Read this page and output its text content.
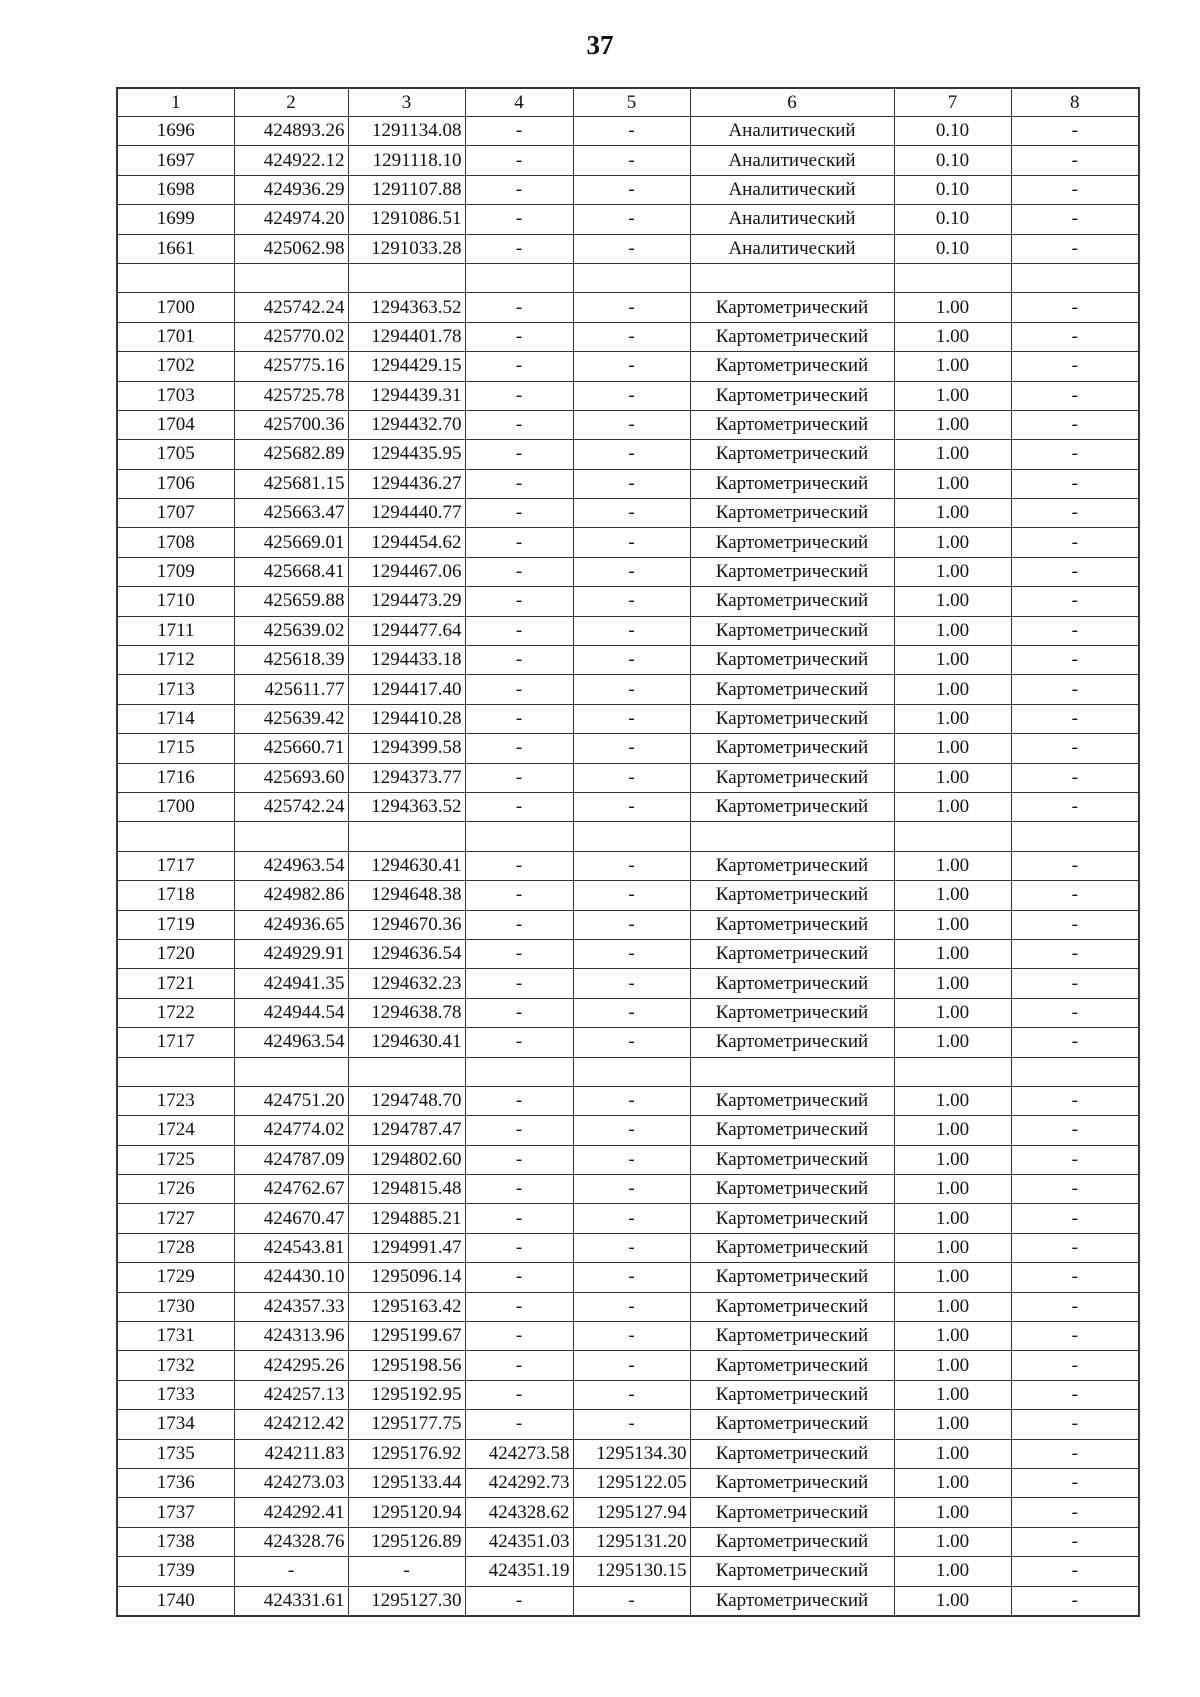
37
1	2	3	4	5	6	7	8
1696	424893.26	1291134.08	-	-	Аналитический	0.10	-
1697	424922.12	1291118.10	-	-	Аналитический	0.10	-
1698	424936.29	1291107.88	-	-	Аналитический	0.10	-
1699	424974.20	1291086.51	-	-	Аналитический	0.10	-
1661	425062.98	1291033.28	-	-	Аналитический	0.10	-

1700	425742.24	1294363.52	-	-	Картометрический	1.00	-
1701	425770.02	1294401.78	-	-	Картометрический	1.00	-
1702	425775.16	1294429.15	-	-	Картометрический	1.00	-
1703	425725.78	1294439.31	-	-	Картометрический	1.00	-
1704	425700.36	1294432.70	-	-	Картометрический	1.00	-
1705	425682.89	1294435.95	-	-	Картометрический	1.00	-
1706	425681.15	1294436.27	-	-	Картометрический	1.00	-
1707	425663.47	1294440.77	-	-	Картометрический	1.00	-
1708	425669.01	1294454.62	-	-	Картометрический	1.00	-
1709	425668.41	1294467.06	-	-	Картометрический	1.00	-
1710	425659.88	1294473.29	-	-	Картометрический	1.00	-
1711	425639.02	1294477.64	-	-	Картометрический	1.00	-
1712	425618.39	1294433.18	-	-	Картометрический	1.00	-
1713	425611.77	1294417.40	-	-	Картометрический	1.00	-
1714	425639.42	1294410.28	-	-	Картометрический	1.00	-
1715	425660.71	1294399.58	-	-	Картометрический	1.00	-
1716	425693.60	1294373.77	-	-	Картометрический	1.00	-
1700	425742.24	1294363.52	-	-	Картометрический	1.00	-

1717	424963.54	1294630.41	-	-	Картометрический	1.00	-
1718	424982.86	1294648.38	-	-	Картометрический	1.00	-
1719	424936.65	1294670.36	-	-	Картометрический	1.00	-
1720	424929.91	1294636.54	-	-	Картометрический	1.00	-
1721	424941.35	1294632.23	-	-	Картометрический	1.00	-
1722	424944.54	1294638.78	-	-	Картометрический	1.00	-
1717	424963.54	1294630.41	-	-	Картометрический	1.00	-

1723	424751.20	1294748.70	-	-	Картометрический	1.00	-
1724	424774.02	1294787.47	-	-	Картометрический	1.00	-
1725	424787.09	1294802.60	-	-	Картометрический	1.00	-
1726	424762.67	1294815.48	-	-	Картометрический	1.00	-
1727	424670.47	1294885.21	-	-	Картометрический	1.00	-
1728	424543.81	1294991.47	-	-	Картометрический	1.00	-
1729	424430.10	1295096.14	-	-	Картометрический	1.00	-
1730	424357.33	1295163.42	-	-	Картометрический	1.00	-
1731	424313.96	1295199.67	-	-	Картометрический	1.00	-
1732	424295.26	1295198.56	-	-	Картометрический	1.00	-
1733	424257.13	1295192.95	-	-	Картометрический	1.00	-
1734	424212.42	1295177.75	-	-	Картометрический	1.00	-
1735	424211.83	1295176.92	424273.58	1295134.30	Картометрический	1.00	-
1736	424273.03	1295133.44	424292.73	1295122.05	Картометрический	1.00	-
1737	424292.41	1295120.94	424328.62	1295127.94	Картометрический	1.00	-
1738	424328.76	1295126.89	424351.03	1295131.20	Картометрический	1.00	-
1739	-	-	424351.19	1295130.15	Картометрический	1.00	-
1740	424331.61	1295127.30	-	-	Картометрический	1.00	-
